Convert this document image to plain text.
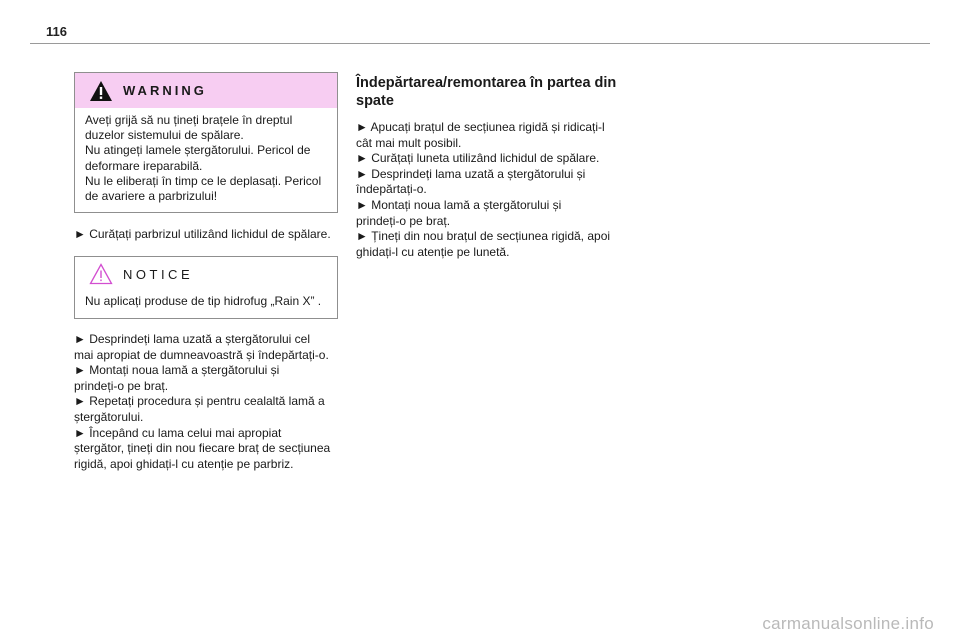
116
WARNING
Aveți grijă să nu țineți brațele în dreptul
duzelor sistemului de spălare.
Nu atingeți lamele ștergătorului. Pericol de
deformare ireparabilă.
Nu le eliberați în timp ce le deplasați. Pericol
de avariere a parbrizului!
► Curățați parbrizul utilizând lichidul de spălare.
NOTICE
Nu aplicați produse de tip hidrofug „Rain X” .
► Desprindeți lama uzată a ștergătorului cel
mai apropiat de dumneavoastră și îndepărtați-o.
► Montați noua lamă a ștergătorului și
prindeți-o pe braț.
► Repetați procedura și pentru cealaltă lamă a
ștergătorului.
► Începând cu lama celui mai apropiat
ștergător, țineți din nou fiecare braț de secțiunea
rigidă, apoi ghidați-l cu atenție pe parbriz.
Îndepărtarea/remontarea în partea din
spate
► Apucați brațul de secțiunea rigidă și ridicați-l
cât mai mult posibil.
► Curățați luneta utilizând lichidul de spălare.
► Desprindeți lama uzată a ștergătorului și
îndepărtați-o.
► Montați noua lamă a ștergătorului și
prindeți-o pe braț.
► Țineți din nou brațul de secțiunea rigidă, apoi
ghidați-l cu atenție pe lunetă.
carmanualsonline.info
